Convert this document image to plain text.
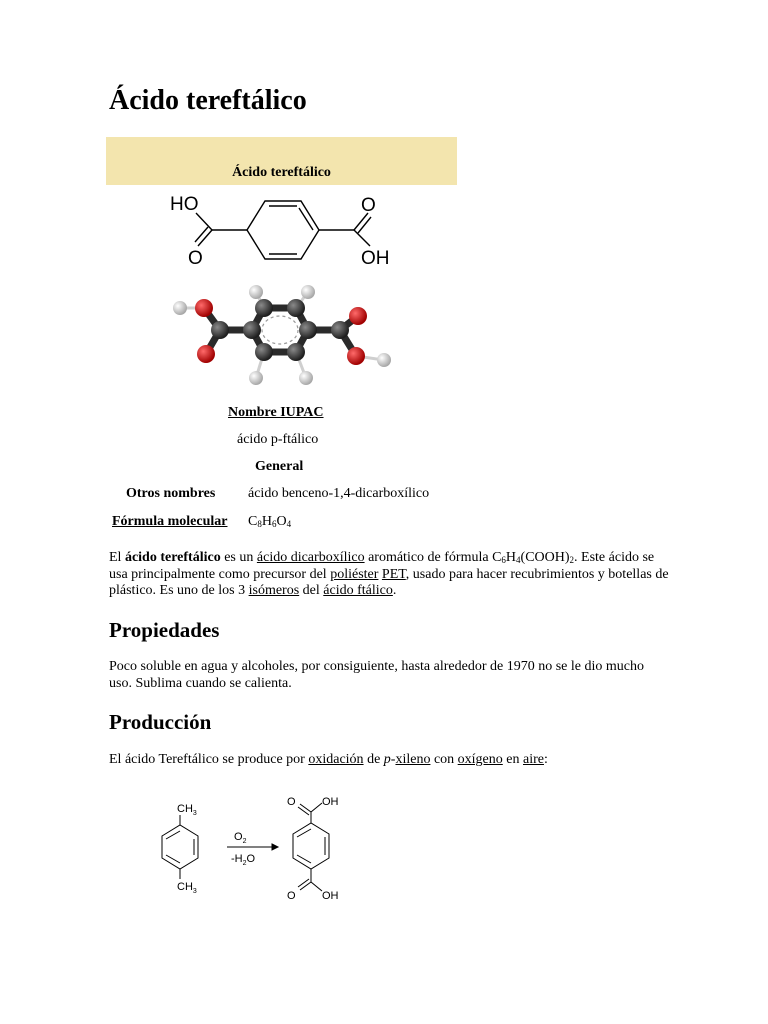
Ácido tereftálico
Ácido tereftálico
HO
O
O
OH
Nombre IUPAC
ácido p-ftálico
General
Otros nombres ácido benceno-1,4-dicarboxílico
Fórmula molecular $C_8H_6O_4$

El ácido tereftálico es un ácido dicarboxílico aromático de fórmula $C_6H_4(COOH)_2$. Este ácido se usa principalmente como precursor del poliéster PET, usado para hacer recubrimientos y botellas de plástico. Es uno de los 3 isómeros del ácido ftálico.

Propiedades

Poco soluble en agua y alcoholes, por consiguiente, hasta alrededor de 1970 no se le dio mucho uso. Sublima cuando se calienta.

Producción

El ácido Tereftálico se produce por oxidación de p-xileno con oxígeno en aire:

$CH_3$
$CH_3$
$O_2$
$-H_2O$
O OH
O OH
